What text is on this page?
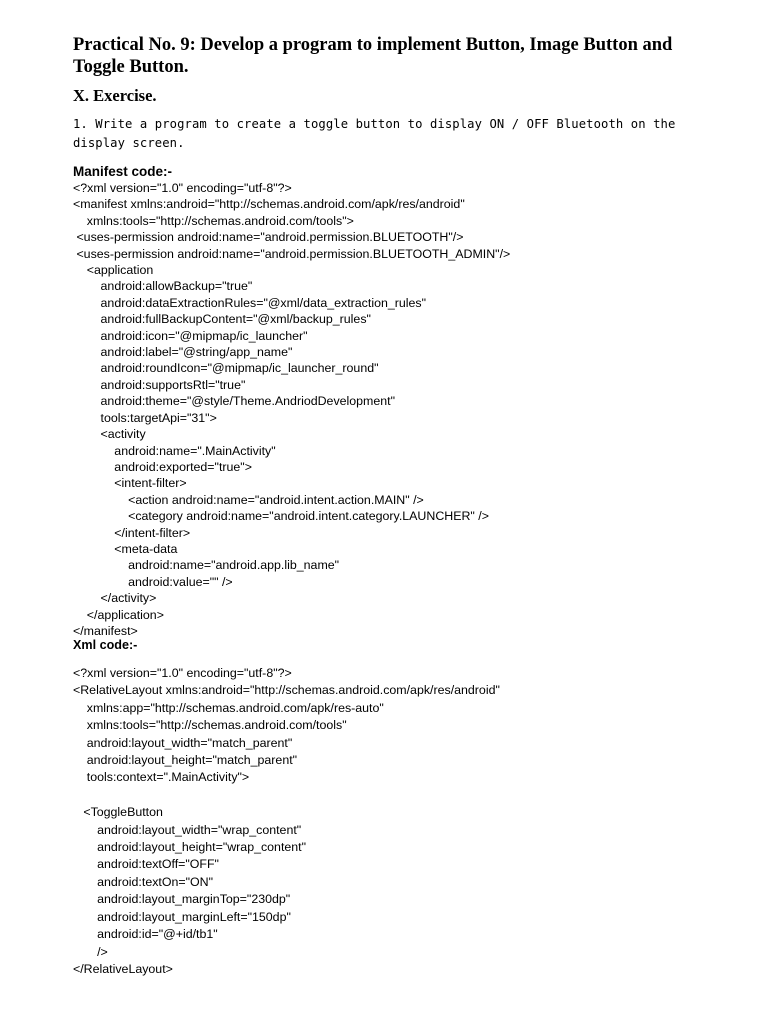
Practical No. 9: Develop a program to implement Button, Image Button and Toggle Button.
X. Exercise.

1. Write a program to create a toggle button to display ON / OFF Bluetooth on the display screen.

Manifest code:-

<?xml version="1.0" encoding="utf-8"?>
<manifest xmlns:android="http://schemas.android.com/apk/res/android"
xmlns:tools="http://schemas.android.com/tools">
<uses-permission android:name="android.permission.BLUETOOTH"/>
<uses-permission android:name="android.permission.BLUETOOTH_ADMIN"/>
<application
android:allowBackup="true"
android:dataExtractionRules="@xml/data_extraction_rules"
android:fullBackupContent="@xml/backup_rules"
android:icon="@mipmap/ic_launcher"
android:label="@string/app_name"
android:roundIcon="@mipmap/ic_launcher_round"
android:supportsRtl="true"
android:theme="@style/Theme.AndriodDevelopment"
tools:targetApi="31">
<activity
android:name=".MainActivity"
android:exported="true">
<intent-filter>
<action android:name="android.intent.action.MAIN" />
<category android:name="android.intent.category.LAUNCHER" />
</intent-filter>
<meta-data
android:name="android.app.lib_name"
android:value="" />
</activity>
</application>
</manifest>

Xml code:-

<?xml version="1.0" encoding="utf-8"?>
<RelativeLayout xmlns:android="http://schemas.android.com/apk/res/android"
xmlns:app="http://schemas.android.com/apk/res-auto"
xmlns:tools="http://schemas.android.com/tools"
android:layout_width="match_parent"
android:layout_height="match_parent"
tools:context=".MainActivity">

<ToggleButton
android:layout_width="wrap_content"
android:layout_height="wrap_content"
android:textOff="OFF"
android:textOn="ON"
android:layout_marginTop="230dp"
android:layout_marginLeft="150dp"
android:id="@+id/tb1"
/>
</RelativeLayout>
